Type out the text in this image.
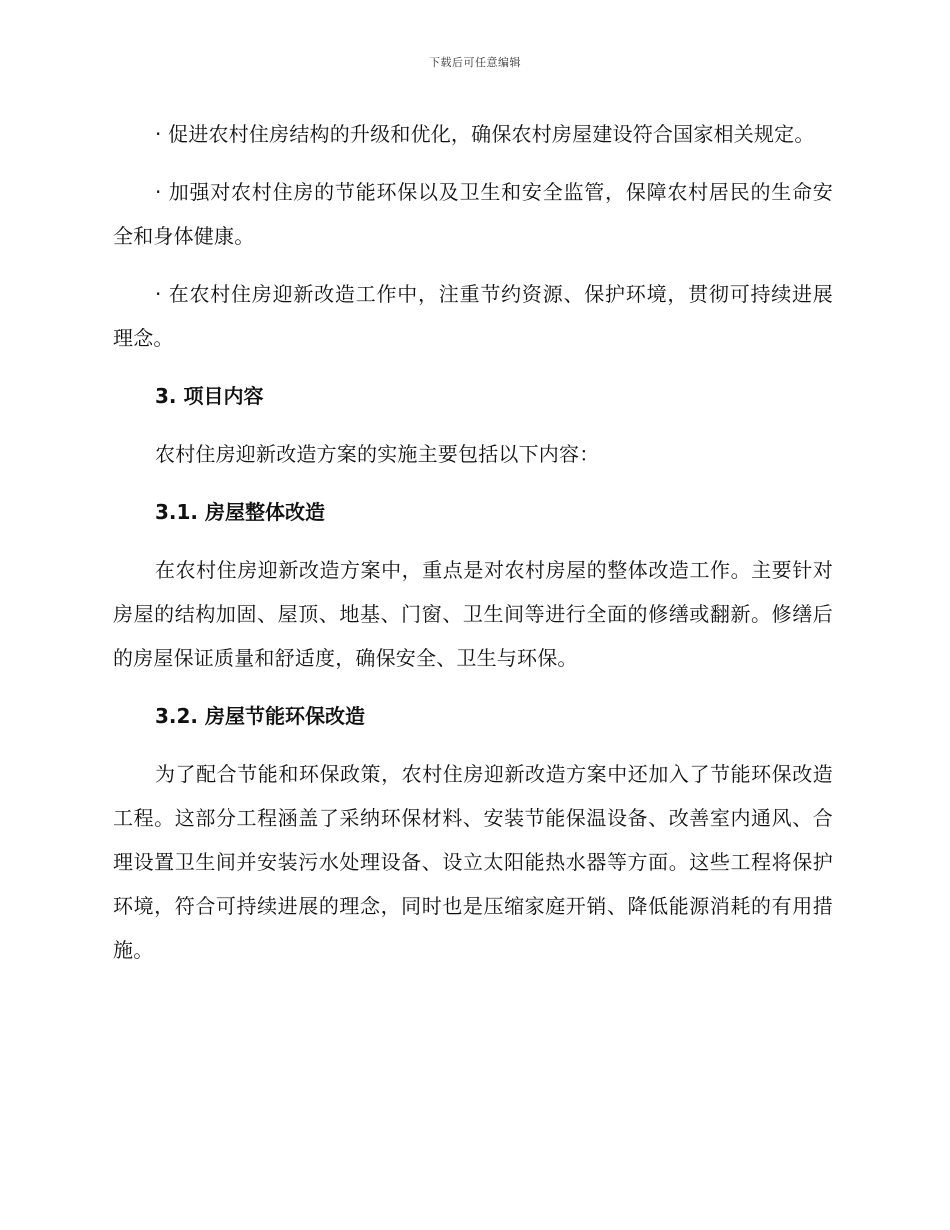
下载后可任意编辑

· 促进农村住房结构的升级和优化，确保农村房屋建设符合国家相关规定。

· 加强对农村住房的节能环保以及卫生和安全监管，保障农村居民的生命安全和身体健康。

· 在农村住房迎新改造工作中，注重节约资源、保护环境，贯彻可持续进展理念。

3. 项目内容

农村住房迎新改造方案的实施主要包括以下内容：

3.1. 房屋整体改造

在农村住房迎新改造方案中，重点是对农村房屋的整体改造工作。主要针对房屋的结构加固、屋顶、地基、门窗、卫生间等进行全面的修缮或翻新。修缮后的房屋保证质量和舒适度，确保安全、卫生与环保。

3.2. 房屋节能环保改造

为了配合节能和环保政策，农村住房迎新改造方案中还加入了节能环保改造工程。这部分工程涵盖了采纳环保材料、安装节能保温设备、改善室内通风、合理设置卫生间并安装污水处理设备、设立太阳能热水器等方面。这些工程将保护环境，符合可持续进展的理念，同时也是压缩家庭开销、降低能源消耗的有用措施。
